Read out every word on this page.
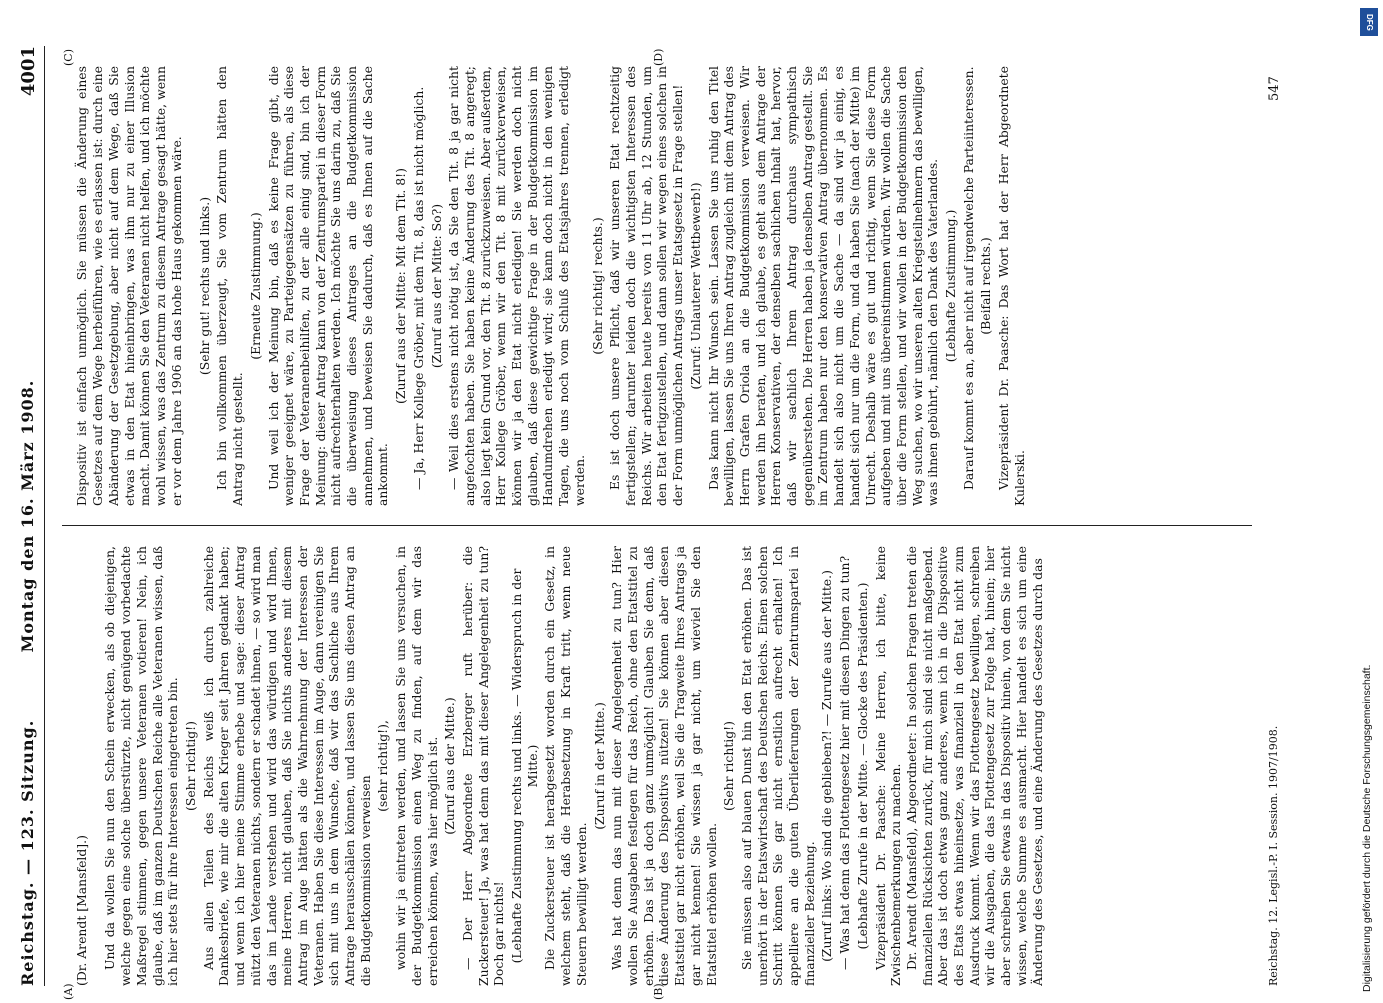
Reichstag. — 123. Sitzung.
Montag den 16. März 1908.
4001
(A)	(B)
(C)	(D)

(Dr. Arendt [Mansfeld].) Und da wollen Sie nun den Schein erwecken, als ob diejenigen, welche gegen eine solche überstürzte, nicht genügend vorbedachte Maßregel stimmen, gegen unsere Veteranen votieren! Nein, ich glaube, daß im ganzen Deutschen Reiche alle Veteranen wissen, daß ich hier stets für ihre Interessen eingetreten bin. (Sehr richtig!) Aus allen Teilen des Reichs weiß ich durch zahlreiche Dankesbriefe, wie mir die alten Krieger seit Jahren gedankt haben; und wenn ich hier meine Stimme erhebe und sage: dieser Antrag nützt den Veteranen nichts, sondern er schadet ihnen, — so wird man das im Lande verstehen und wird das würdigen und wird Ihnen, meine Herren, nicht glauben, daß Sie nichts anderes mit diesem Antrag im Auge hätten als die Wahrnehmung der Interessen der Veteranen. Haben Sie diese Interessen im Auge, dann vereinigen Sie sich mit uns in dem Wunsche, daß wir das Sachliche aus Ihrem Antrage herausschälen können, und lassen Sie uns diesen Antrag an die Budgetkommission verweisen

(sehr richtig!), wohin wir ja eintreten werden, und lassen Sie uns versuchen, in der Budgetkommission einen Weg zu finden, auf dem wir das erreichen können, was hier möglich ist. (Zuruf aus der Mitte.) — Der Herr Abgeordnete Erzberger ruft herüber: die Zuckersteuer! Ja, was hat denn das mit dieser Angelegenheit zu tun? Doch gar nichts! (Lebhafte Zustimmung rechts und links. — Widerspruch in der Mitte.) Die Zuckersteuer ist herabgesetzt worden durch ein Gesetz, in welchem steht, daß die Herabsetzung in Kraft tritt, wenn neue Steuern bewilligt werden.

(Zuruf in der Mitte.) Was hat denn das nun mit dieser Angelegenheit zu tun? Hier wollen Sie Ausgaben festlegen für das Reich, ohne den Etatstitel zu erhöhen. Das ist ja doch ganz unmöglich! Glauben Sie denn, daß diese Änderung des Dispositivs nützen! Sie können aber diesen Etatstitel gar nicht erhöhen, weil Sie die Tragweite Ihres Antrags ja gar nicht kennen! Sie wissen ja gar nicht, um wieviel Sie den Etatstitel erhöhen wollen.

(Sehr richtig!) Sie müssen also auf blauen Dunst hin den Etat erhöhen. Das ist unerhört in der Etatswirtschaft des Deutschen Reichs. Einen solchen Schritt können Sie gar nicht ernstlich aufrecht erhalten! Ich appelliere an die guten Überlieferungen der Zentrumspartei in finanzieller Beziehung. (Zuruf links: Wo sind die geblieben?! — Zurufe aus der Mitte.) — Was hat denn das Flottengesetz hier mit diesen Dingen zu tun? (Lebhafte Zurufe in der Mitte. — Glocke des Präsidenten.) Vizepräsident Dr. Paasche: Meine Herren, ich bitte, keine Zwischenbemerkungen zu machen. Dr. Arendt (Mansfeld), Abgeordneter: In solchen Fragen treten die finanziellen Rücksichten zurück, für mich sind sie nicht maßgebend. Aber das ist doch etwas ganz anderes, wenn ich in die Dispositive des Etats etwas hineinsetze, was finanziell in den Etat nicht zum Ausdruck kommt. Wenn wir das Flottengesetz bewilligen, schreiben wir die Ausgaben, die das Flottengesetz zur Folge hat, hinein; hier aber schreiben Sie etwas in das Dispositiv hinein, von dem Sie nicht wissen, welche Summe es ausmacht. Hier handelt es sich um eine Änderung des Gesetzes, und eine Änderung des Gesetzes durch das

Dispositiv ist einfach unmöglich. Sie müssen die Änderung eines Gesetzes auf dem Wege herbeiführen, wie es erlassen ist: durch eine Abänderung der Gesetzgebung, aber nicht auf dem Wege, daß Sie etwas in den Etat hineinbringen, was ihm nur zu einer Illusion macht. Damit können Sie den Veteranen nicht helfen, und ich möchte wohl wissen, was das Zentrum zu diesem Antrage gesagt hätte, wenn er vor dem Jahre 1906 an das hohe Haus gekommen wäre. (Sehr gut! rechts und links.) Ich bin vollkommen überzeugt, Sie vom Zentrum hätten den Antrag nicht gestellt.

(Erneute Zustimmung.) Und weil ich der Meinung bin, daß es keine Frage gibt, die weniger geeignet wäre, zu Parteigegensätzen zu führen, als diese Frage der Veteranenbeihilfen, zu der alle einig sind, bin ich der Meinung: dieser Antrag kann von der Zentrumspartei in dieser Form nicht aufrechterhalten werden. Ich möchte Sie uns darin zu, daß Sie die überweisung dieses Antrages an die Budgetkommission annehmen, und beweisen Sie dadurch, daß es Ihnen auf die Sache ankommt.

(Zuruf aus der Mitte: Mit dem Tit. 8!) — Ja, Herr Kollege Gröber, mit dem Tit. 8, das ist nicht möglich. (Zuruf aus der Mitte: So?) — Weil dies erstens nicht nötig ist, da Sie den Tit. 8 ja gar nicht angefochten haben. Sie haben keine Änderung des Tit. 8 angeregt; also liegt kein Grund vor, den Tit. 8 zurückzuweisen. Aber außerdem, Herr Kollege Gröber, wenn wir den Tit. 8 mit zurückverweisen, können wir ja den Etat nicht erledigen! Sie werden doch nicht glauben, daß diese gewichtige Frage in der Budgetkommission im Handumdrehen erledigt wird; sie kann doch nicht in den wenigen Tagen, die uns noch vom Schluß des Etatsjahres trennen, erledigt werden.

(Sehr richtig! rechts.) Es ist doch unsere Pflicht, daß wir unseren Etat rechtzeitig fertigstellen; darunter leiden doch die wichtigsten Interessen des Reichs. Wir arbeiten heute bereits von 11 Uhr ab, 12 Stunden, um den Etat fertigzustellen, und dann sollen wir wegen eines solchen in der Form unmöglichen Antrags unser Etatsgesetz in Frage stellen! (Zuruf: Unlauterer Wettbewerb!) Das kann nicht Ihr Wunsch sein. Lassen Sie uns ruhig den Titel bewilligen, lassen Sie uns Ihren Antrag zugleich mit dem Antrag des Herrn Grafen Oriola an die Budgetkommission verweisen. Wir werden ihn beraten, und ich glaube, es geht aus dem Antrage der Herren Konservativen, der denselben sachlichen Inhalt hat, hervor, daß wir sachlich Ihrem Antrag durchaus sympathisch gegenüberstehen. Die Herren haben ja denselben Antrag gestellt. Sie im Zentrum haben nur den konservativen Antrag übernommen. Es handelt sich also nicht um die Sache — da sind wir ja einig, es handelt sich nur um die Form, und da haben Sie (nach der Mitte) im Unrecht. Deshalb wäre es gut und richtig, wenn Sie diese Form aufgeben und mit uns übereinstimmen würden. Wir wollen die Sache über die Form stellen, und wir wollen in der Budgetkommission den Weg suchen, wo wir unseren alten Kriegsteilnehmern das bewilligen, was ihnen gebührt, nämlich den Dank des Vaterlandes. (Lebhafte Zustimmung.) Darauf kommt es an, aber nicht auf irgendwelche Parteiinteressen. (Beifall rechts.) Vizepräsident Dr. Paasche: Das Wort hat der Herr Abgeordnete Kulerski.

Reichstag. 12. Legisl.-P. I. Session. 1907/1908.
547
Digitalisierung gefördert durch die Deutsche Forschungsgemeinschaft.
DFG
